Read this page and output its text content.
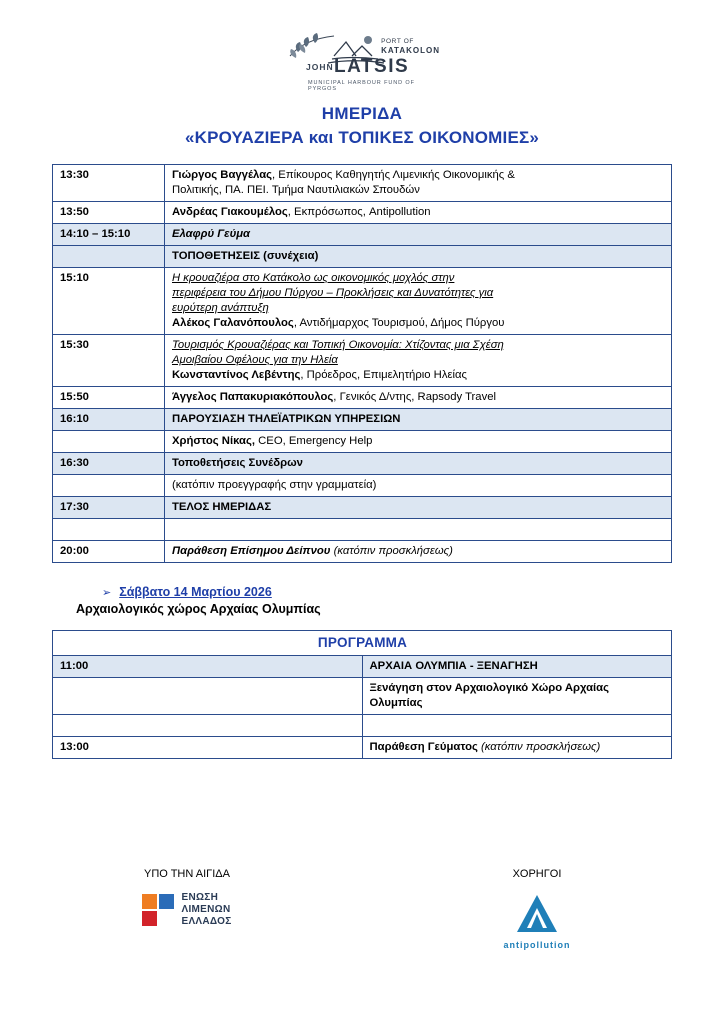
PORT OF
KATAKOLON
JOHN LATSIS
MUNICIPAL HARBOUR FUND OF PYRGOS
ΗΜΕΡΙΔΑ
«ΚΡΟΥΑΖΙΕΡΑ και ΤΟΠΙΚΕΣ ΟΙΚΟΝΟΜΙΕΣ»
13:30	Γιώργος Βαγγέλας, Επίκουρος Καθηγητής Λιμενικής Οικονομικής &
Πολιτικής, ΠΑ. ΠΕΙ. Τμήμα Ναυτιλιακών Σπουδών

13:50	Ανδρέας Γιακουμέλος, Εκπρόσωπος, Antipollution

14:10 – 15:10	Ελαφρύ Γεύμα

	ΤΟΠΟΘΕΤΗΣΕΙΣ (συνέχεια)

15:10	Η κρουαζιέρα στο Κατάκολο ως οικονομικός μοχλός στην
περιφέρεια του Δήμου Πύργου – Προκλήσεις και Δυνατότητες για
ευρύτερη ανάπτυξη
Αλέκος Γαλανόπουλος, Αντιδήμαρχος Τουρισμού, Δήμος Πύργου

15:30	Τουρισμός Κρουαζιέρας και Τοπική Οικονομία: Χτίζοντας μια Σχέση
Αμοιβαίου Οφέλους για την Ηλεία
Κωνσταντίνος Λεβέντης, Πρόεδρος, Επιμελητήριο Ηλείας

15:50	Άγγελος Παπακυριακόπουλος, Γενικός Δ/ντης, Rapsody Travel

16:10	ΠΑΡΟΥΣΙΑΣΗ ΤΗΛΕΪΑΤΡΙΚΩΝ ΥΠΗΡΕΣΙΩΝ

	Χρήστος Νίκας, CEO, Emergency Help

16:30	Τοποθετήσεις Συνέδρων

	(κατόπιν προεγγραφής στην γραμματεία)

17:30	ΤΕΛΟΣ ΗΜΕΡΙΔΑΣ

20:00	Παράθεση Επίσημου Δείπνου (κατόπιν προσκλήσεως)
➢ Σάββατο 14 Μαρτίου 2026
Αρχαιολογικός χώρος Αρχαίας Ολυμπίας
ΠΡΟΓΡΑΜΜΑ	
11:00	ΑΡΧΑΙΑ ΟΛΥΜΠΙΑ - ΞΕΝΑΓΗΣΗ

	Ξενάγηση στον Αρχαιολογικό Χώρο Αρχαίας Ολυμπίας

13:00	Παράθεση Γεύματος (κατόπιν προσκλήσεως)
ΥΠΟ ΤΗΝ ΑΙΓΙΔΑ
ΕΝΩΣΗ
ΛΙΜΕΝΩΝ
ΕΛΛΑΔΟΣ
ΧΟΡΗΓΟΙ
antipollution
